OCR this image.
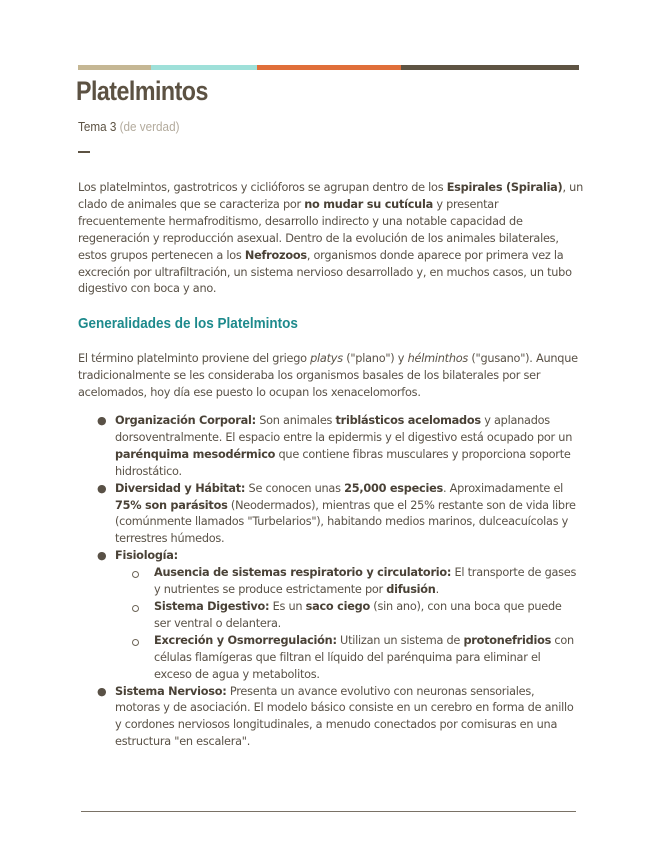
Platelmintos
Tema 3 (de verdad)

Los platelmintos, gastrotricos y ciclióforos se agrupan dentro de los Espirales (Spiralia), un clado de animales que se caracteriza por no mudar su cutícula y presentar frecuentemente hermafroditismo, desarrollo indirecto y una notable capacidad de regeneración y reproducción asexual. Dentro de la evolución de los animales bilaterales, estos grupos pertenecen a los Nefrozoos, organismos donde aparece por primera vez la excreción por ultrafiltración, un sistema nervioso desarrollado y, en muchos casos, un tubo digestivo con boca y ano.

Generalidades de los Platelmintos

El término platelminto proviene del griego platys ("plano") y hélminthos ("gusano"). Aunque tradicionalmente se les consideraba los organismos basales de los bilaterales por ser acelomados, hoy día ese puesto lo ocupan los xenacelomorfos.

● Organización Corporal: Son animales triblásticos acelomados y aplanados dorsoventralmente. El espacio entre la epidermis y el digestivo está ocupado por un parénquima mesodérmico que contiene fibras musculares y proporciona soporte hidrostático.
● Diversidad y Hábitat: Se conocen unas 25,000 especies. Aproximadamente el 75% son parásitos (Neodermados), mientras que el 25% restante son de vida libre (comúnmente llamados "Turbelarios"), habitando medios marinos, dulceacuícolas y terrestres húmedos.
● Fisiología:
Ausencia de sistemas respiratorio y circulatorio: El transporte de gases y nutrientes se produce estrictamente por difusión.
Sistema Digestivo: Es un saco ciego (sin ano), con una boca que puede ser ventral o delantera.
Excreción y Osmorregulación: Utilizan un sistema de protonefridios con células flamígeras que filtran el líquido del parénquima para eliminar el exceso de agua y metabolitos.
● Sistema Nervioso: Presenta un avance evolutivo con neuronas sensoriales, motoras y de asociación. El modelo básico consiste en un cerebro en forma de anillo y cordones nerviosos longitudinales, a menudo conectados por comisuras en una estructura "en escalera".
